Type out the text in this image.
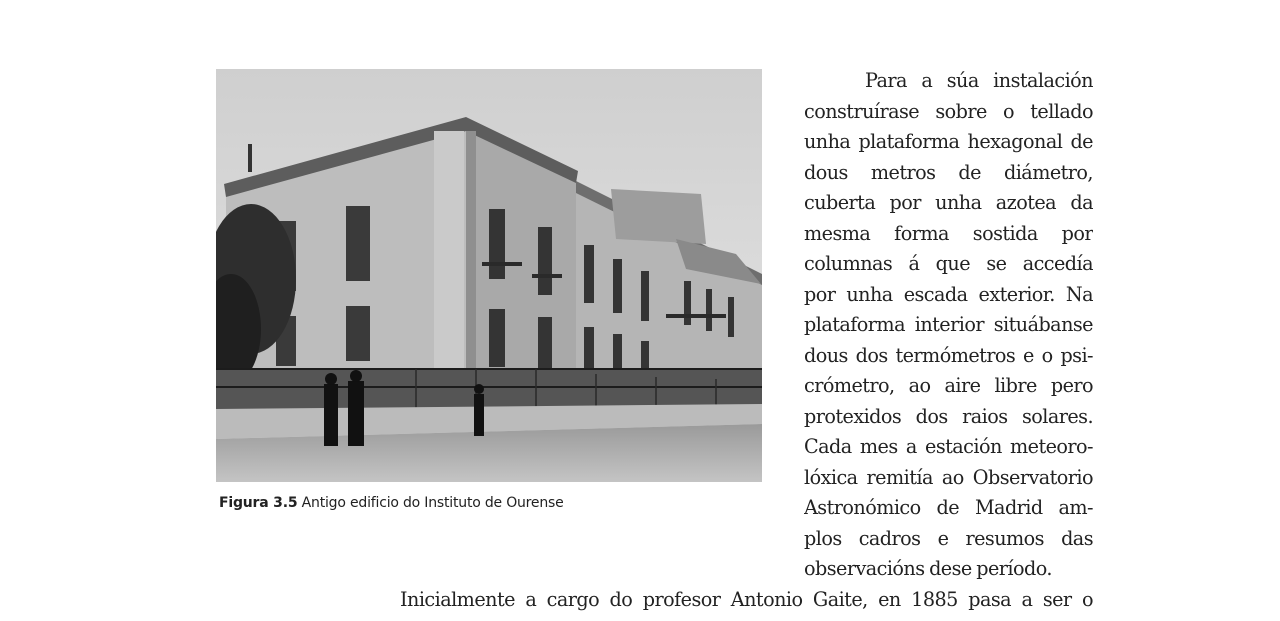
Figura 3.5 Antigo edificio do Instituto de Ourense
Para a súa instalación
construírase sobre o tellado
unha plataforma hexagonal de
dous metros de diámetro,
cuberta por unha azotea da
mesma forma sostida por
columnas á que se accedía
por unha escada exterior. Na
plataforma interior situábanse
dous dos termómetros e o psi-
crómetro, ao aire libre pero
protexidos dos raios solares.
Cada mes a estación meteoro-
lóxica remitía ao Observatorio
Astronómico de Madrid am-
plos cadros e resumos das
observacións dese período.
Inicialmente a cargo do profesor Antonio Gaite, en 1885 pasa a ser o
